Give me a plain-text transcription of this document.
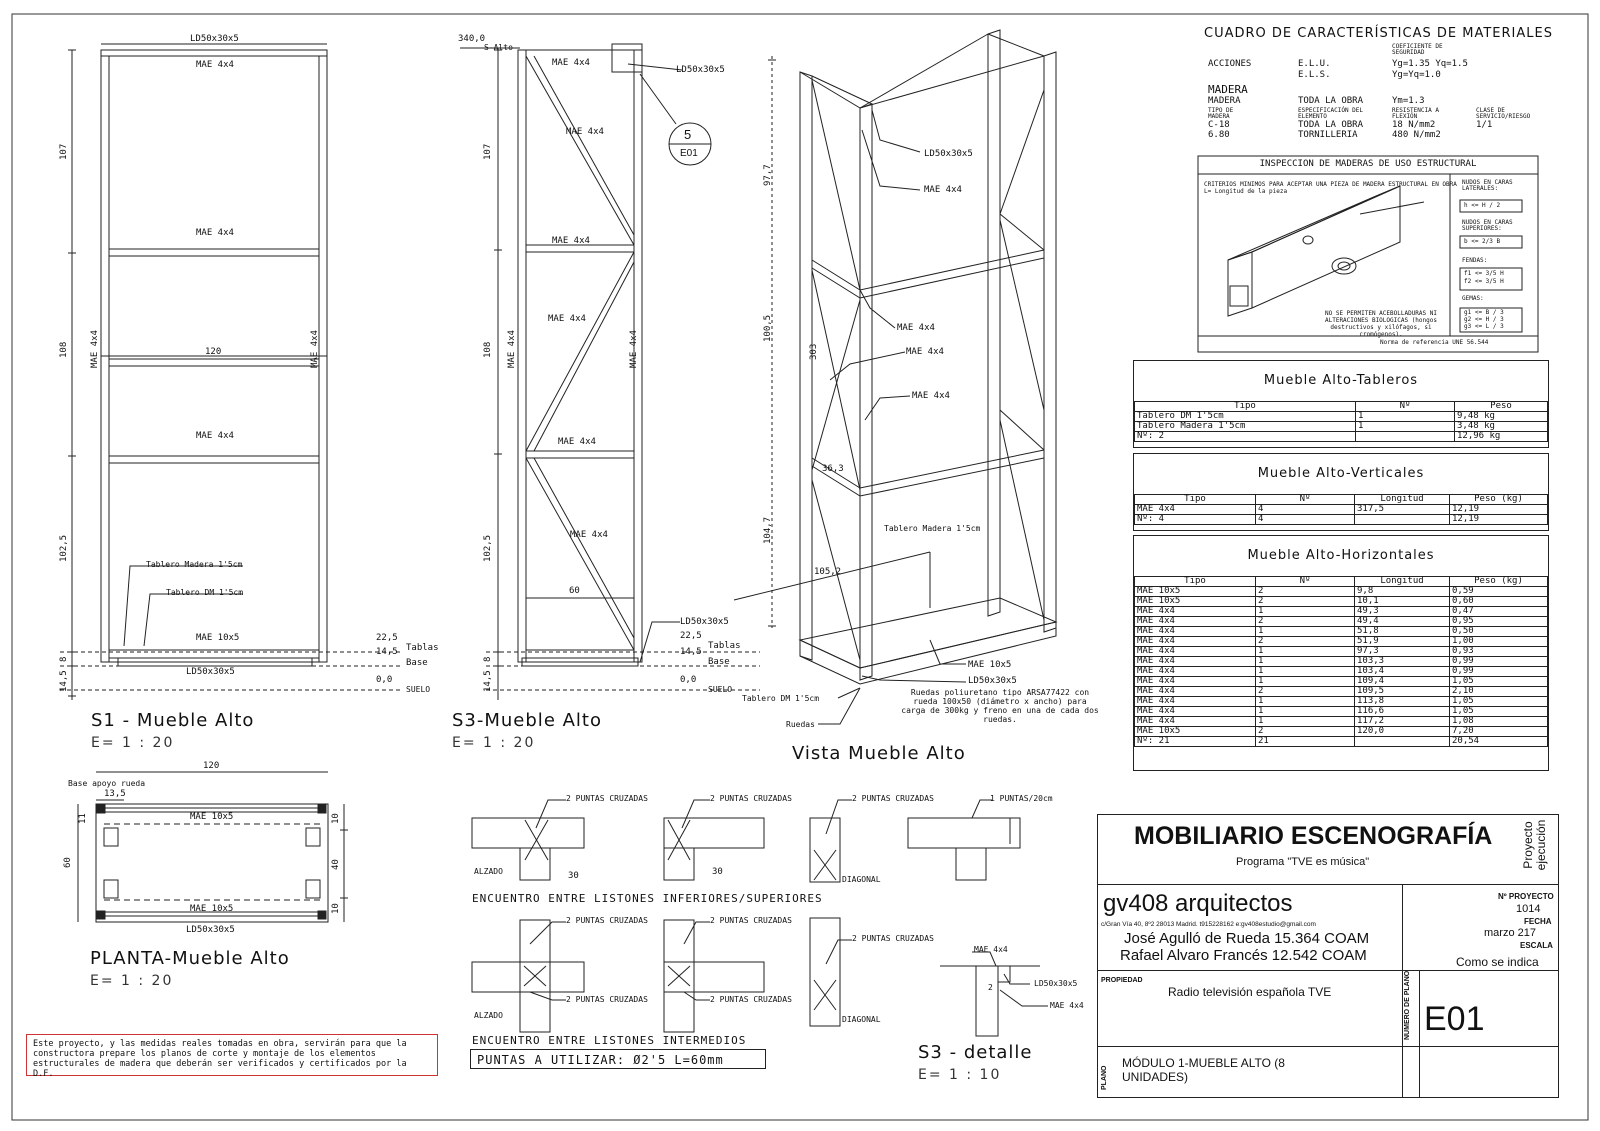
LD50x30x5
MAE 4x4
MAE 4x4
MAE 4x4
MAE 10x5
120
MAE 4x4	MAE 4x4
107
108
102,5
8
14,5
Tablero Madera 1'5cm
Tablero DM 1'5cm
22,5
Tablas
14,5
Base
LD50x30x5
0,0
SUELO
S1 - Mueble Alto
E= 1 : 20
340,0
S-Alto
LD50x30x5
5
E01
MAE 4x4
MAE 4x4
MAE 4x4
MAE 4x4
MAE 4x4
MAE 4x4
MAE 4x4	MAE 4x4
60
107
108
102,5
8
14,5
LD50x30x5
22,5
Tablas
14,5
Base
0,0
SUELO
S3-Mueble Alto
E= 1 : 20
97,7
100,5
303
104,7
36,3
105,2
LD50x30x5
MAE 4x4
MAE 4x4
MAE 4x4
MAE 4x4
Tablero Madera 1'5cm
MAE 10x5
LD50x30x5
Tablero DM 1'5cm
Ruedas
Ruedas poliuretano tipo ARSA77422 con rueda 100x50 (diámetro x ancho) para carga de 300kg y freno en una de cada dos ruedas.
Vista Mueble Alto
Base apoyo rueda
13,5
120
11
60
10
40
10
MAE 10x5
MAE 10x5
LD50x30x5
PLANTA-Mueble Alto
E= 1 : 20
2 PUNTAS CRUZADAS	2 PUNTAS CRUZADAS	2 PUNTAS CRUZADAS	1 PUNTAS/20cm
ALZADO	30	30
DIAGONAL
ENCUENTRO ENTRE LISTONES INFERIORES/SUPERIORES
2 PUNTAS CRUZADAS	2 PUNTAS CRUZADAS
2 PUNTAS CRUZADAS
2 PUNTAS CRUZADAS	2 PUNTAS CRUZADAS
ALZADO	DIAGONAL
ENCUENTRO ENTRE LISTONES INTERMEDIOS
PUNTAS A UTILIZAR: Ø2'5 L=60mm
MAE 4x4
LD50x30x5
2
MAE 4x4
S3 - detalle
E= 1 : 10
CUADRO DE CARACTERÍSTICAS DE MATERIALES
COEFICIENTE DE SEGURIDAD
ACCIONES	E.L.U.
E.L.S.
Yg=1.35 Yq=1.5
Yg=Yq=1.0
MADERA
MADERA	TODA LA OBRA	Ym=1.3
TIPO DE MADERA
ESPECIFICACIÓN DEL ELEMENTO
RESISTENCIA A FLEXIÓN
CLASE DE SERVICIO/RIESGO
C-18	TODA LA OBRA	18 N/mm2	1/1
6.80	TORNILLERIA	480 N/mm2
INSPECCION DE MADERAS DE USO ESTRUCTURAL
CRITERIOS MINIMOS PARA ACEPTAR UNA PIEZA DE MADERA ESTRUCTURAL EN OBRA
L= Longitud de la pieza
NUDOS EN CARAS LATERALES:
h <= H / 2
NUDOS EN CARAS SUPERIORES:
b <= 2/3 B
FENDAS:
f1 <= 3/5 H
f2 <= 3/5 H
GEMAS:
g1 <= B / 3
g2 <= H / 3
g3 <= L / 3
NO SE PERMITEN ACEBOLLADURAS NI ALTERACIONES BIOLOGICAS (hongos destructivos y xilófagos, si cromógenos).
Norma de referencia UNE 56.544
Mueble Alto-Tableros
Tipo	Nº	Peso
Tablero DM 1'5cm	1	9,48 kg
Tablero Madera 1'5cm	1	3,48 kg
Nº: 2		12,96 kg
Mueble Alto-Verticales
Tipo	Nº	Longitud	Peso (kg)
MAE 4x4	4	317,5	12,19
Nº: 4	4		12,19
Mueble Alto-Horizontales
Tipo	Nº	Longitud	Peso (kg)
MAE 10x5	2	9,8	0,59
MAE 10x5	2	10,1	0,60
MAE 4x4	1	49,3	0,47
MAE 4x4	2	49,4	0,95
MAE 4x4	1	51,8	0,50
MAE 4x4	2	51,9	1,00
MAE 4x4	1	97,3	0,93
MAE 4x4	1	103,3	0,99
MAE 4x4	1	103,4	0,99
MAE 4x4	1	109,4	1,05
MAE 4x4	2	109,5	2,10
MAE 4x4	1	113,8	1,05
MAE 4x4	1	116,6	1,05
MAE 4x4	1	117,2	1,08
MAE 10x5	2	120,0	7,20
Nº: 21	21		20,54
MOBILIARIO ESCENOGRAFÍA
Programa "TVE es música"	Proyecto ejecución
gv408 arquitectos
c/Gran Vía 40, 8º2 28013 Madrid. t915228162 e:gv408estudio@gmail.com
José Agulló de Rueda 15.364 COAM
Rafael Alvaro Francés 12.542 COAM
Nº PROYECTO
1014
FECHA
marzo 217
ESCALA
Como se indica
PROPIEDAD
Radio televisión española TVE	NUMERO DE PLANO E01
PLANO
MÓDULO 1-MUEBLE ALTO (8 UNIDADES)
Este proyecto, y las medidas reales tomadas en obra, servirán para que la constructora prepare los planos de corte y montaje de los elementos estructurales de madera que deberán ser verificados y certificados por la D.F.
